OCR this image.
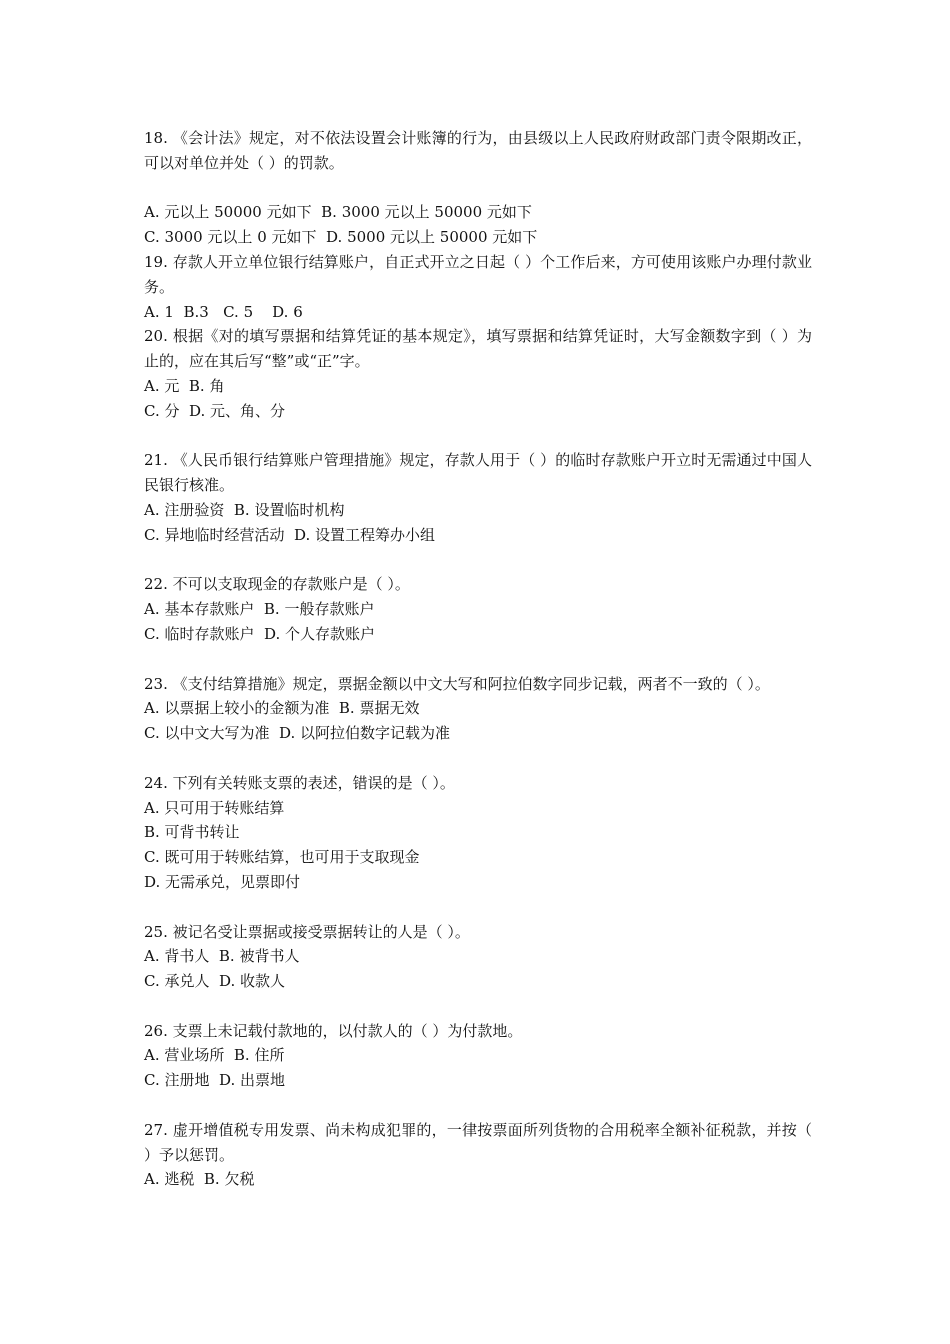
18. 《会计法》规定，对不依法设置会计账簿的行为，由县级以上人民政府财政部门责令限期改正，可以对单位并处（ ）的罚款。
A. 元以上 50000 元如下  B. 3000 元以上 50000 元如下
C. 3000 元以上 0 元如下  D. 5000 元以上 50000 元如下
19. 存款人开立单位银行结算账户，自正式开立之日起（ ）个工作后来，方可使用该账户办理付款业务。
A. 1  B.3   C. 5    D. 6
20. 根据《对的填写票据和结算凭证的基本规定》，填写票据和结算凭证时，大写金额数字到（ ）为止的，应在其后写“整”或“正”字。
A. 元  B. 角
C. 分  D. 元、角、分
21. 《人民币银行结算账户管理措施》规定，存款人用于（ ）的临时存款账户开立时无需通过中国人民银行核准。
A. 注册验资  B. 设置临时机构
C. 异地临时经营活动  D. 设置工程筹办小组
22. 不可以支取现金的存款账户是（ ）。
A. 基本存款账户  B. 一般存款账户
C. 临时存款账户  D. 个人存款账户
23. 《支付结算措施》规定，票据金额以中文大写和阿拉伯数字同步记载，两者不一致的（ ）。
A. 以票据上较小的金额为准  B. 票据无效
C. 以中文大写为准  D. 以阿拉伯数字记载为准
24. 下列有关转账支票的表述，错误的是（ ）。
A. 只可用于转账结算
B. 可背书转让
C. 既可用于转账结算，也可用于支取现金
D. 无需承兑，见票即付
25. 被记名受让票据或接受票据转让的人是（ ）。
A. 背书人  B. 被背书人
C. 承兑人  D. 收款人
26. 支票上未记载付款地的，以付款人的（ ）为付款地。
A. 营业场所  B. 住所
C. 注册地  D. 出票地
27. 虚开增值税专用发票、尚未构成犯罪的，一律按票面所列货物的合用税率全额补征税款，并按（ ）予以惩罚。
A. 逃税  B. 欠税
